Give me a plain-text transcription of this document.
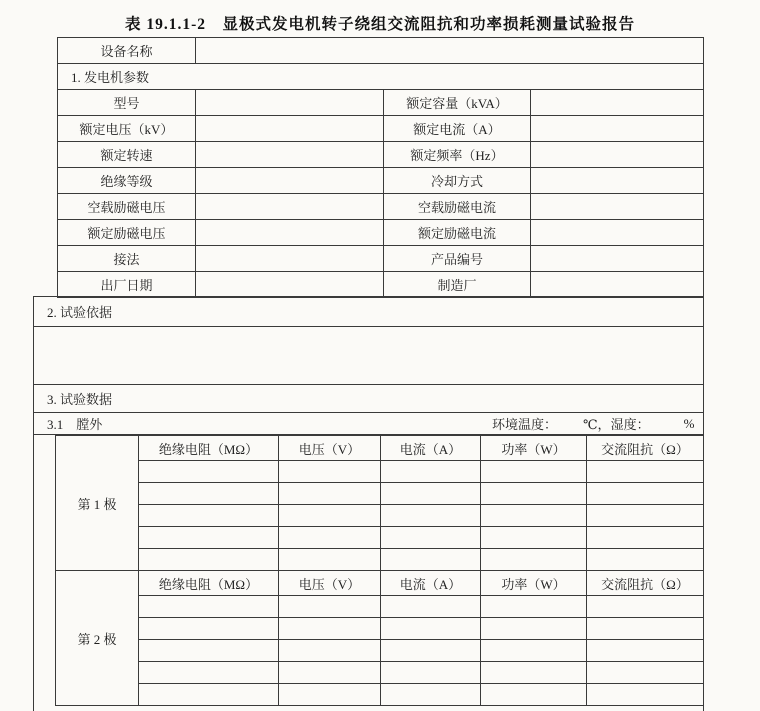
表 19.1.1-2　显极式发电机转子绕组交流阻抗和功率损耗测量试验报告
设备名称			
1. 发电机参数			
型号		额定容量（kVA）	
额定电压（kV）		额定电流（A）	
额定转速		额定频率（Hz）	
绝缘等级		冷却方式	
空载励磁电压		空载励磁电流	
额定励磁电压		额定励磁电流	
接法		产品编号	
出厂日期		制造厂	
2. 试验依据
3. 试验数据
3.1　膛外	环境温度： ℃， 湿度：	%
第 1 极	绝缘电阻（MΩ）	电压（V）	电流（A）	功率（W）	交流阻抗（Ω）

第 2 极	绝缘电阻（MΩ）	电压（V）	电流（A）	功率（W）	交流阻抗（Ω）
